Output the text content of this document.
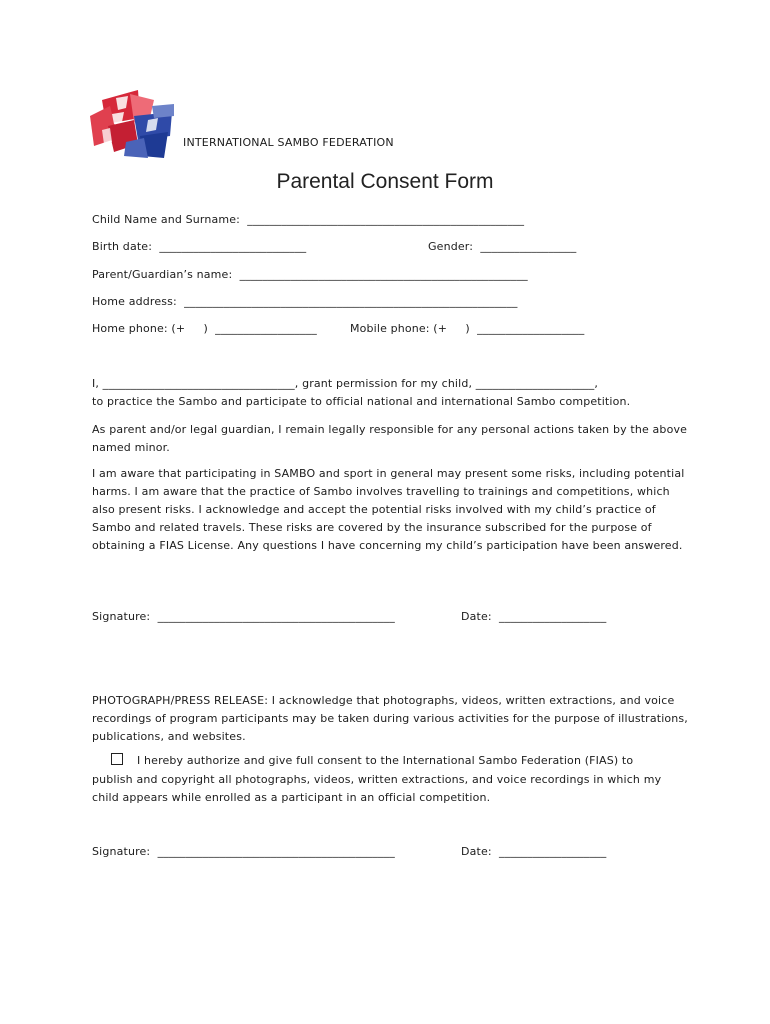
INTERNATIONAL SAMBO FEDERATION
Parental Consent Form
Child Name and Surname:  _________________________________________________
Birth date:  __________________________	Gender:  _________________
Parent/Guardian’s name:  ___________________________________________________
Home address:  ___________________________________________________________
Home phone: (+     )  __________________	Mobile phone: (+     )  ___________________
I, __________________________________, grant permission for my child, _____________________,
to practice the Sambo and participate to official national and international Sambo competition.
As parent and/or legal guardian, I remain legally responsible for any personal actions taken by the above named minor.
I am aware that participating in SAMBO and sport in general may present some risks, including potential harms. I am aware that the practice of Sambo involves travelling to trainings and competitions, which also present risks. I acknowledge and accept the potential risks involved with my child’s practice of Sambo and related travels. These risks are covered by the insurance subscribed for the purpose of obtaining a FIAS License. Any questions I have concerning my child’s participation have been answered.
Signature:  __________________________________________	Date:  ___________________
PHOTOGRAPH/PRESS RELEASE: I acknowledge that photographs, videos, written extractions, and voice recordings of program participants may be taken during various activities for the purpose of illustrations, publications, and websites.
I hereby authorize and give full consent to the International Sambo Federation (FIAS) to
publish and copyright all photographs, videos, written extractions, and voice recordings in which my child appears while enrolled as a participant in an official competition.
Signature:  __________________________________________	Date:  ___________________
